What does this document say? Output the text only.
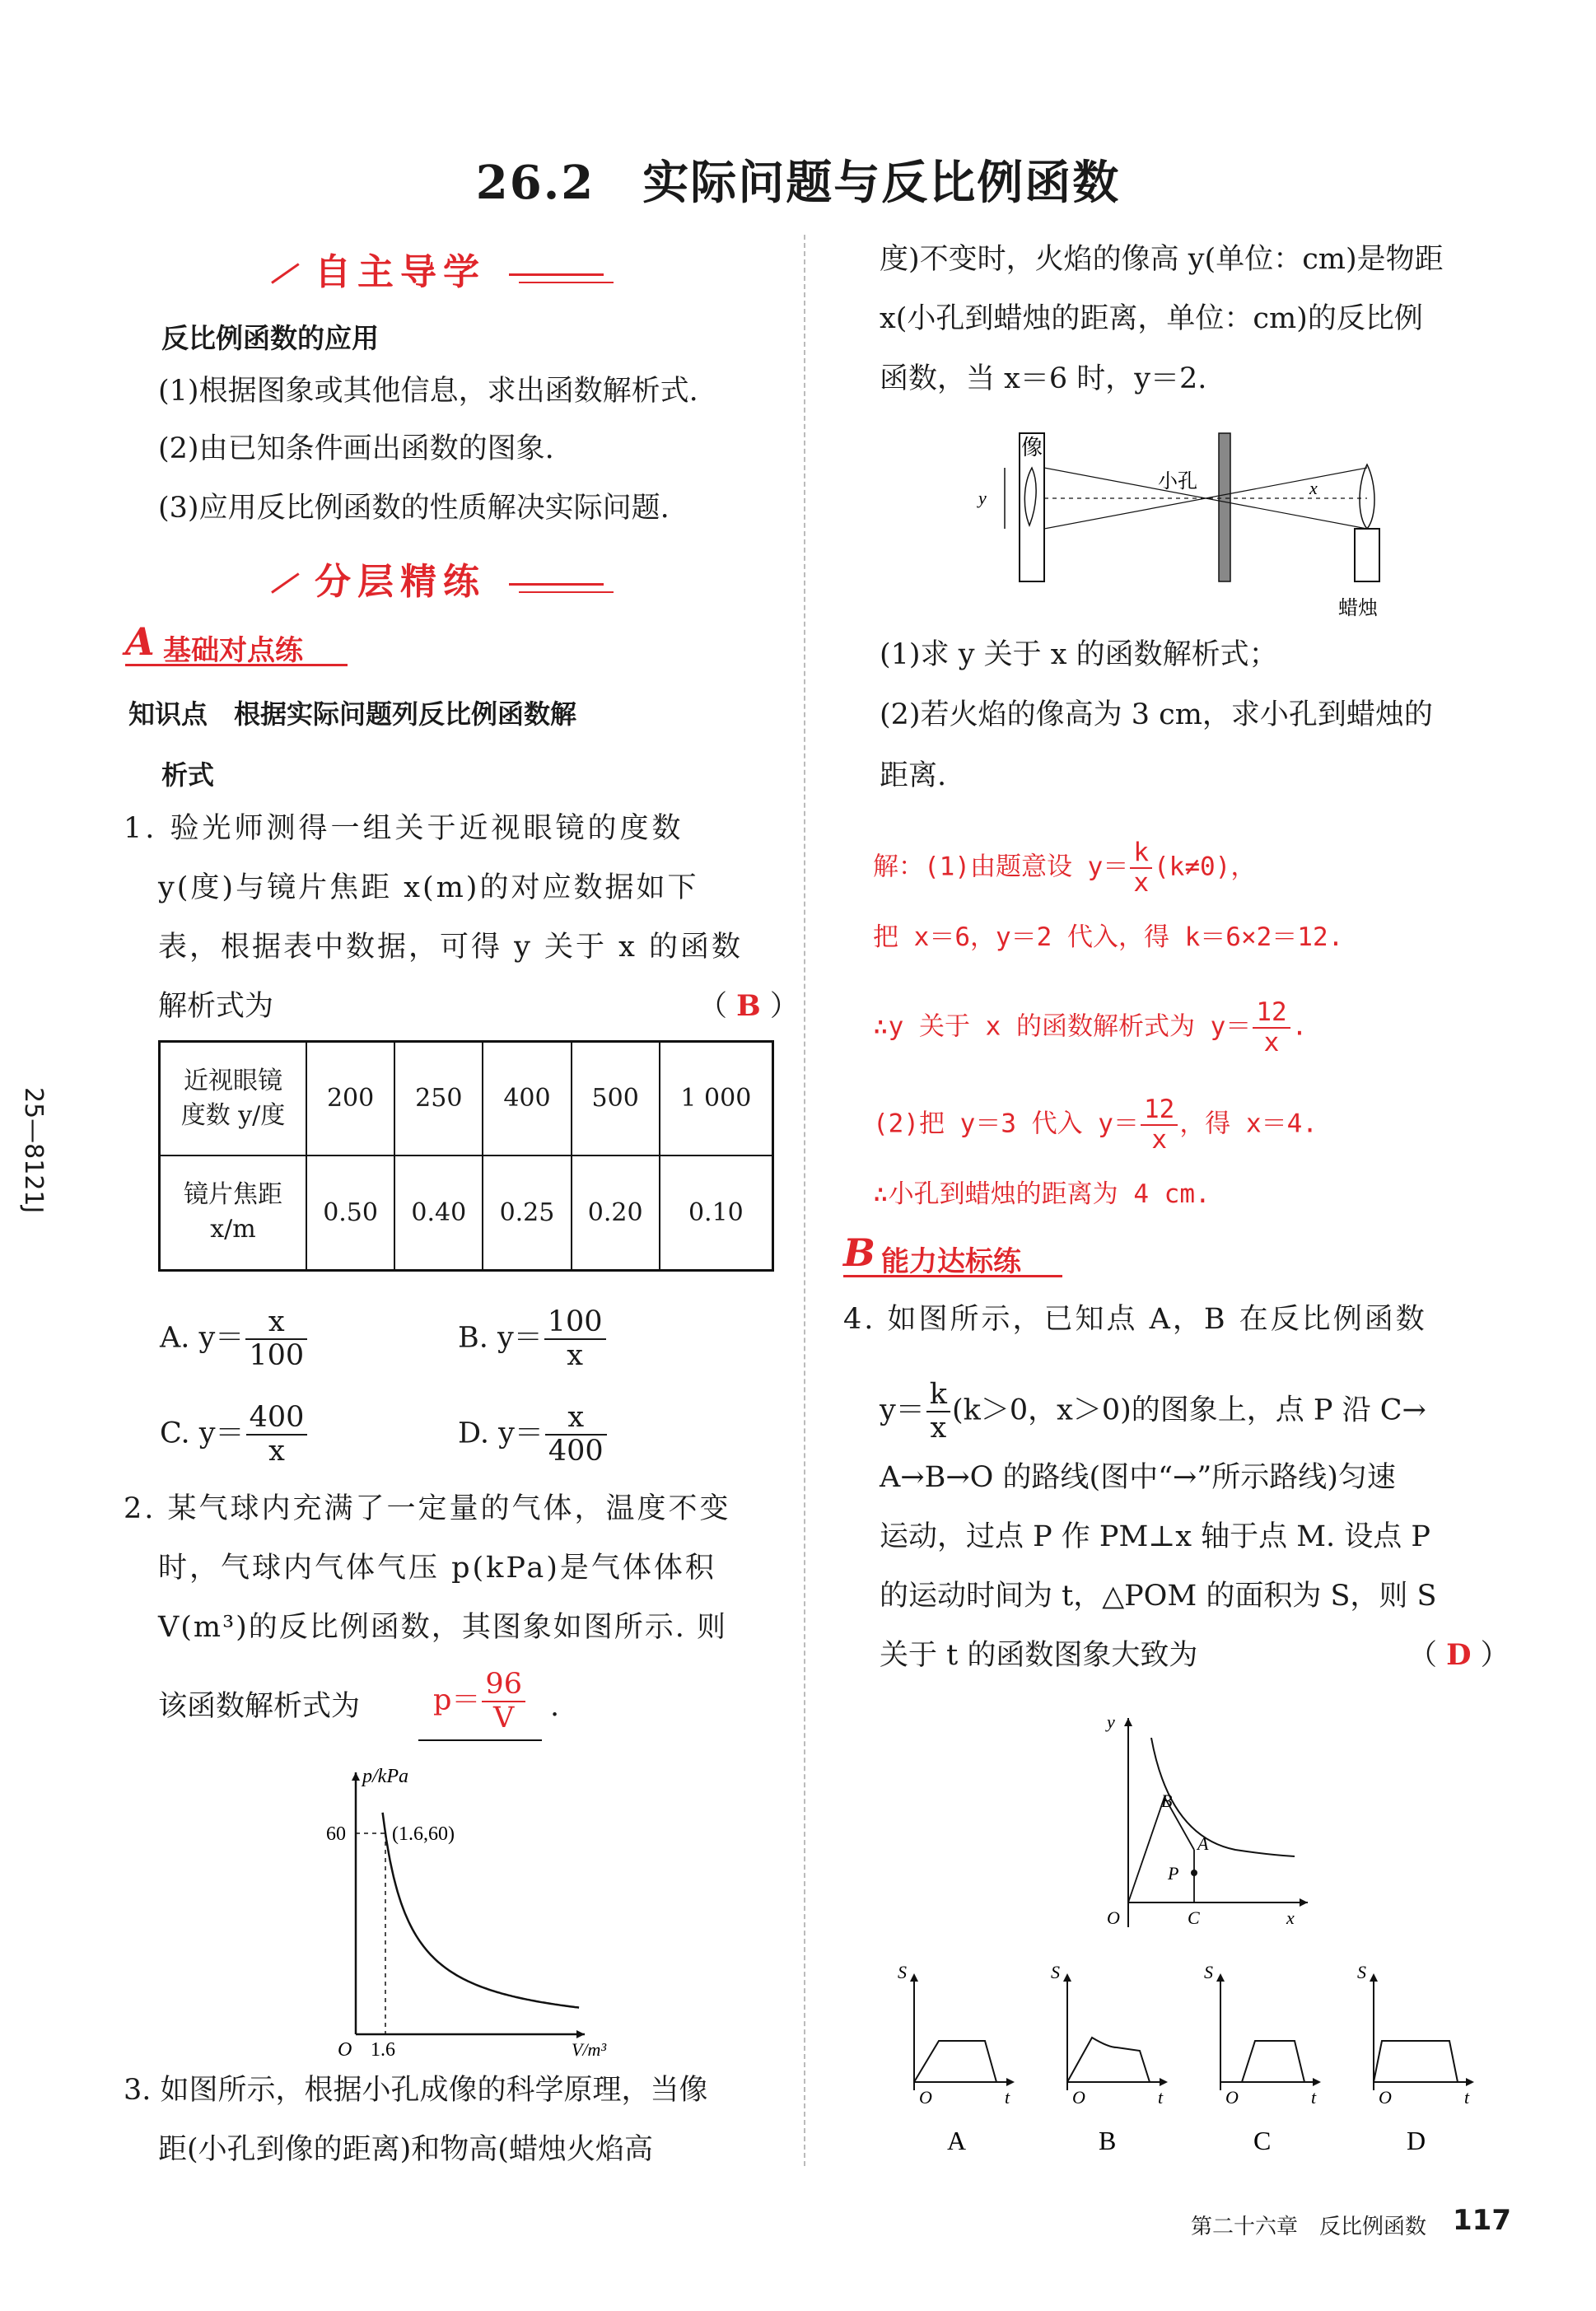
26.2　实际问题与反比例函数
25—8121J
自主导学
反比例函数的应用
(1)根据图象或其他信息，求出函数解析式.
(2)由已知条件画出函数的图象.
(3)应用反比例函数的性质解决实际问题.
分层精练
A 基础对点练
知识点　根据实际问题列反比例函数解
析式
1. 验光师测得一组关于近视眼镜的度数
y(度)与镜片焦距 x(m)的对应数据如下
表，根据表中数据，可得 y 关于 x 的函数
解析式为	（ B ）
近视眼镜
度数 y/度	200	250	400	500	1 000

镜片焦距
x/m	0.50	0.40	0.25	0.20	0.10
A. $y= \frac{x}{100}$	B. $y= \frac{100}{x}$
C. $y= \frac{400}{x}$	D. $y= \frac{x}{400}$
2. 某气球内充满了一定量的气体，温度不变
时，气球内气体气压 p(kPa)是气体体积
V(m³)的反比例函数，其图象如图所示. 则
该函数解析式为	$p= \frac{96}{V}$ .
p/kPa
V/m³
60
1.6
O
(1.6,60)
3. 如图所示，根据小孔成像的科学原理，当像
距(小孔到像的距离)和物高(蜡烛火焰高
度)不变时，火焰的像高 y(单位：cm)是物距
x(小孔到蜡烛的距离，单位：cm)的反比例
函数，当 x＝6 时，y＝2.
像
y
小孔	x
蜡烛
(1)求 y 关于 x 的函数解析式；
(2)若火焰的像高为 3 cm，求小孔到蜡烛的
距离.
解：(1)由题意设 $y= \frac{k}{x} (k\ne 0)$，
把 x＝6，y＝2 代入，得 k＝6×2＝12.
∴y 关于 x 的函数解析式为 $y= \frac{12}{x}$ .
(2)把 y＝3 代入 $y= \frac{12}{x}$ ，得 x＝4.
∴小孔到蜡烛的距离为 4 cm.
B 能力达标练
4. 如图所示，已知点 A，B 在反比例函数
$y= \frac{k}{x} (k>0$，x＞0)的图象上，点 P 沿 C→
A→B→O 的路线(图中“→”所示路线)匀速
运动，过点 P 作 PM⊥x 轴于点 M. 设点 P
的运动时间为 t，△POM 的面积为 S，则 S
关于 t 的函数图象大致为	（ D ）
y
x
O
B
A
P
C
S
O	t
A
S
O	t
B
S
O	t
C
S
O	t
D
第二十六章　反比例函数 117
